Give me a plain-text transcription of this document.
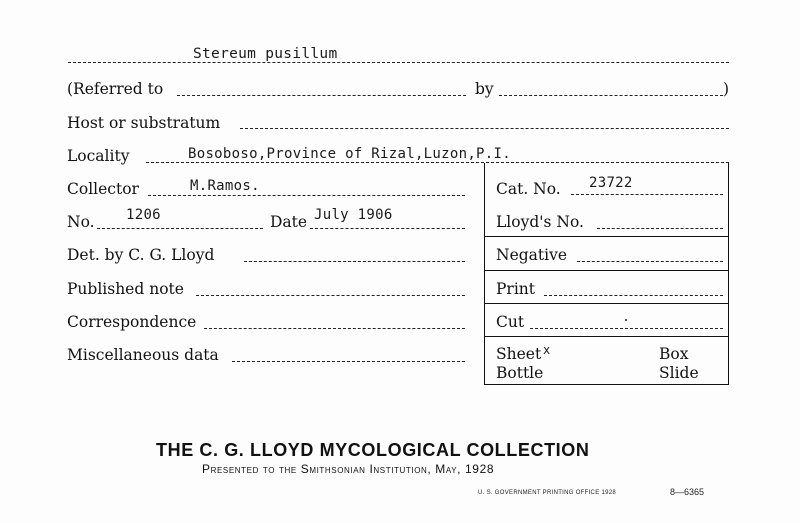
Stereum pusillum
(Referred to	by	)
Host or substratum
Locality	Bosoboso,Province of Rizal,Luzon,P.I.
Collector	M.Ramos.
No. 1206	Date July 1906
Det. by C. G. Lloyd
Published note
Correspondence
Miscellaneous data
Cat. No. 23722
Lloyd's No.
Negative
Print
Cut
Sheet x	Box
Bottle	Slide
THE C. G. LLOYD MYCOLOGICAL COLLECTION
Presented to the Smithsonian Institution, May, 1928
U. S. GOVERNMENT PRINTING OFFICE 1928	8—6365
